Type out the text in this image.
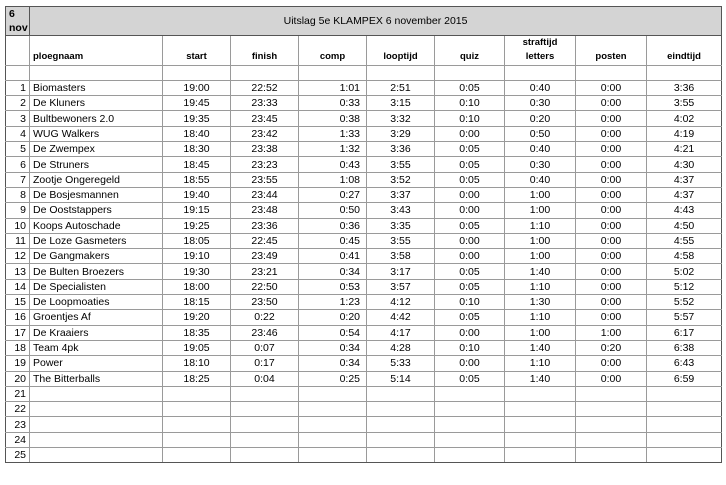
6
nov	Uitslag 5e KLAMPEX 6 november 2015								
							straftijd		
	ploegnaam	start	finish	comp	looptijd	quiz	letters	posten	eindtijd

1	Biomasters	19:00	22:52	1:01	2:51	0:05	0:40	0:00	3:36
2	De Kluners	19:45	23:33	0:33	3:15	0:10	0:30	0:00	3:55
3	Bultbewoners 2.0	19:35	23:45	0:38	3:32	0:10	0:20	0:00	4:02
4	WUG Walkers	18:40	23:42	1:33	3:29	0:00	0:50	0:00	4:19
5	De Zwempex	18:30	23:38	1:32	3:36	0:05	0:40	0:00	4:21
6	De Struners	18:45	23:23	0:43	3:55	0:05	0:30	0:00	4:30
7	Zootje Ongeregeld	18:55	23:55	1:08	3:52	0:05	0:40	0:00	4:37
8	De Bosjesmannen	19:40	23:44	0:27	3:37	0:00	1:00	0:00	4:37
9	De Ooststappers	19:15	23:48	0:50	3:43	0:00	1:00	0:00	4:43
10	Koops Autoschade	19:25	23:36	0:36	3:35	0:05	1:10	0:00	4:50
11	De Loze Gasmeters	18:05	22:45	0:45	3:55	0:00	1:00	0:00	4:55
12	De Gangmakers	19:10	23:49	0:41	3:58	0:00	1:00	0:00	4:58
13	De Bulten Broezers	19:30	23:21	0:34	3:17	0:05	1:40	0:00	5:02
14	De Specialisten	18:00	22:50	0:53	3:57	0:05	1:10	0:00	5:12
15	De Loopmoaties	18:15	23:50	1:23	4:12	0:10	1:30	0:00	5:52
16	Groentjes Af	19:20	0:22	0:20	4:42	0:05	1:10	0:00	5:57
17	De Kraaiers	18:35	23:46	0:54	4:17	0:00	1:00	1:00	6:17
18	Team 4pk	19:05	0:07	0:34	4:28	0:10	1:40	0:20	6:38
19	Power	18:10	0:17	0:34	5:33	0:00	1:10	0:00	6:43
20	The Bitterballs	18:25	0:04	0:25	5:14	0:05	1:40	0:00	6:59
21									
22									
23									
24									
25									
